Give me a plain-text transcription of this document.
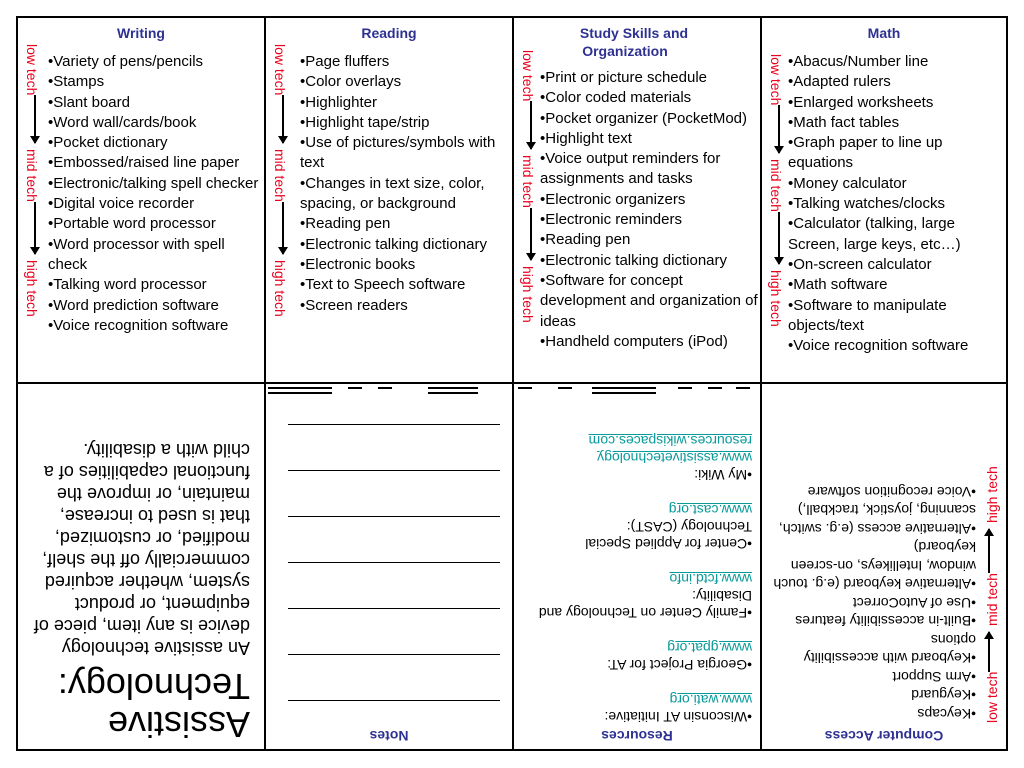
Writing
low tech
mid tech
high tech
•Variety of pens/pencils
•Stamps
•Slant board
•Word wall/cards/book
•Pocket dictionary
•Embossed/raised line paper
•Electronic/talking spell checker
•Digital voice recorder
•Portable word processor
•Word processor with spell check
•Talking word processor
•Word prediction software
•Voice recognition software
Reading
low tech
mid tech
high tech
•Page fluffers
•Color overlays
•Highlighter
•Highlight tape/strip
•Use of pictures/symbols with text
•Changes in text size, color, spacing, or background
•Reading pen
•Electronic talking dictionary
•Electronic books
•Text to Speech software
•Screen readers
Study Skills and
Organization
low tech
mid tech
high tech
•Print or picture schedule
•Color coded materials
•Pocket organizer (PocketMod)
•Highlight text
•Voice output reminders for assignments and tasks
•Electronic organizers
•Electronic reminders
•Reading pen
•Electronic talking dictionary
•Software for concept development and organization of ideas
•Handheld computers (iPod)
Math
low tech
mid tech
high tech
•Abacus/Number line
•Adapted rulers
•Enlarged worksheets
•Math fact tables
•Graph paper to line up equations
•Money calculator
•Talking watches/clocks
•Calculator (talking, large Screen, large keys, etc…)
•On-screen calculator
•Math software
•Software to manipulate objects/text
•Voice recognition software
Assistive
Technology:
An assistive technology device is any item, piece of equipment, or product system, whether acquired commercially off the shelf, modified, or customized, that is used to increase, maintain, or improve the functional capabilities of a child with a disability.
Notes	Resources
•Wisconsin AT Initiative:
www.wati.org
•Georgia Project for AT:
www.gpat.org
•Family Center on Technology and Disability:
www.fctd.info
•Center for Applied Special Technology (CAST):
www.cast.org
•My Wiki:
www.assistivetechnology resources.wikispaces.com
Computer Access
low tech
mid tech
high tech
•Keycaps
•Keyguard
•Arm Support
•Keyboard with accessibility options
•Built-in accessibility features
•Use of AutoCorrect
•Alternative keyboard (e.g. touch window, Intellikeys, on-screen keyboard)
•Alternative access (e.g. switch, scanning, joystick, trackball,)
•Voice recognition software
